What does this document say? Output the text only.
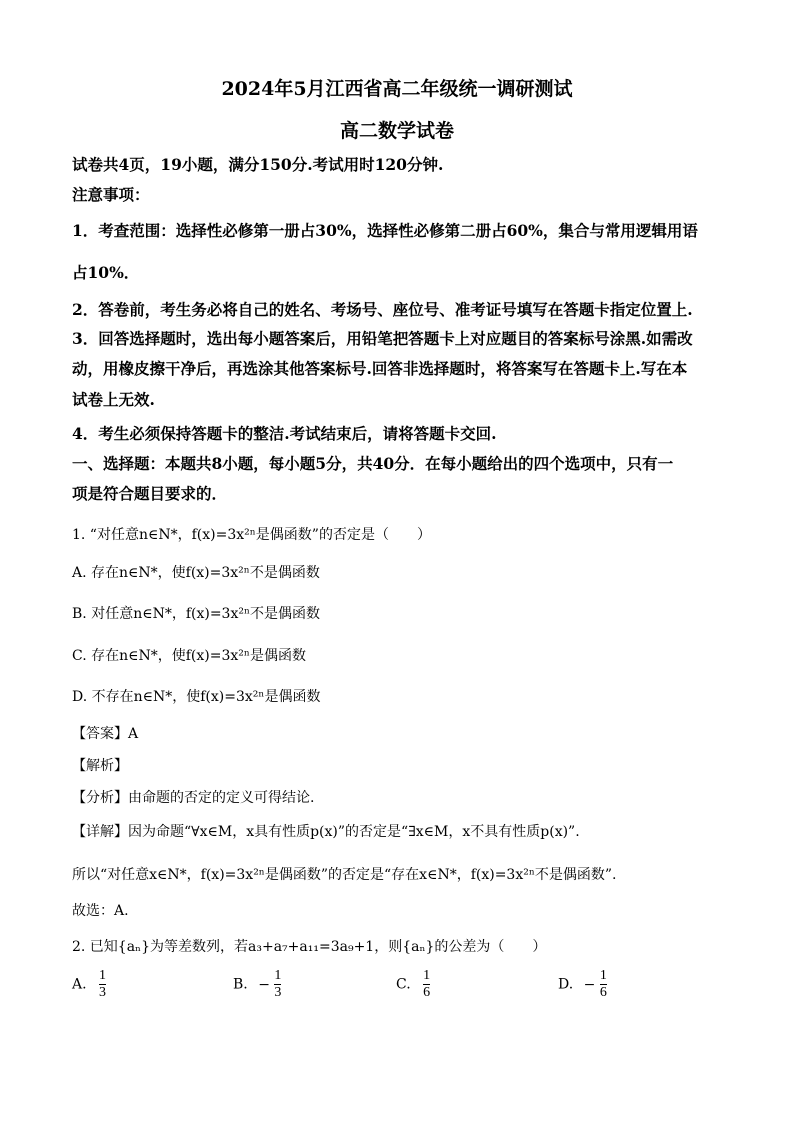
2024年5月江西省高二年级统一调研测试
高二数学试卷
试卷共4页，19小题，满分150分.考试用时120分钟.
注意事项：
1．考查范围：选择性必修第一册占30%，选择性必修第二册占60%，集合与常用逻辑用语
占10%．
2．答卷前，考生务必将自己的姓名、考场号、座位号、准考证号填写在答题卡指定位置上.
3．回答选择题时，选出每小题答案后，用铅笔把答题卡上对应题目的答案标号涂黑.如需改
动，用橡皮擦干净后，再选涂其他答案标号.回答非选择题时，将答案写在答题卡上.写在本
试卷上无效.
4．考生必须保持答题卡的整洁.考试结束后，请将答题卡交回.
一、选择题：本题共8小题，每小题5分，共40分．在每小题给出的四个选项中，只有一
项是符合题目要求的．
1. “对任意n∈N*，f(x)=3x²ⁿ是偶函数”的否定是（　　）
A. 存在n∈N*，使f(x)=3x²ⁿ不是偶函数
B. 对任意n∈N*，f(x)=3x²ⁿ不是偶函数
C. 存在n∈N*，使f(x)=3x²ⁿ是偶函数
D. 不存在n∈N*，使f(x)=3x²ⁿ是偶函数
【答案】A
【解析】
【分析】由命题的否定的定义可得结论.
【详解】因为命题“∀x∈M，x具有性质p(x)”的否定是“∃x∈M，x不具有性质p(x)”.
所以“对任意x∈N*，f(x)=3x²ⁿ是偶函数”的否定是“存在x∈N*，f(x)=3x²ⁿ不是偶函数”.
故选：A.
2. 已知{aₙ}为等差数列，若a₃+a₇+a₁₁=3a₉+1，则{aₙ}的公差为（　　）
A. $\frac{1}{3}$	B. − $\frac{1}{3}$	C. $\frac{1}{6}$	D. − $\frac{1}{6}$
